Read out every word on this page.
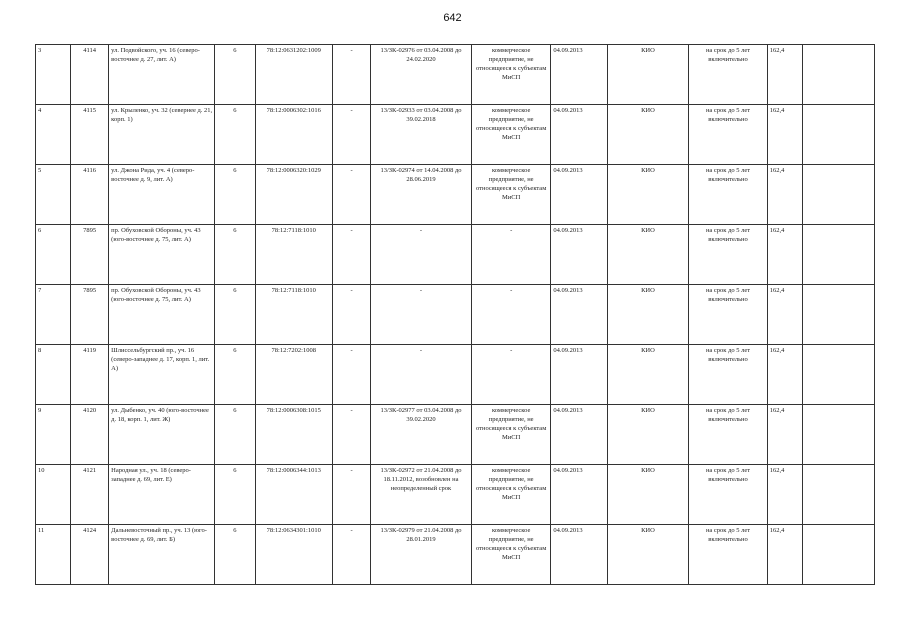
642
3	4114	ул. Подвойского, уч. 16 (северо-восточнее д. 27, лит. А)	6	78:12:0631202:1009	-	13/ЗК-02976 от 03.04.2008 до 24.02.2020	коммерческое предприятие, не относящееся к субъектам МиСП	04.09.2013	КИО	на срок до 5 лет включительно	162,4	
4	4115	ул. Крыленко, уч. 32 (севернее д. 21, корп. 1)	6	78:12:0006302:1016	-	13/ЗК-02933 от 03.04.2008 до 39.02.2018	коммерческое предприятие, не относящееся к субъектам МиСП	04.09.2013	КИО	на срок до 5 лет включительно	162,4	
5	4116	ул. Джона Рида, уч. 4 (северо-восточнее д. 9, лит. А)	6	78:12:0006320:1029	-	13/ЗК-02974 от 14.04.2008 до 28.06.2019	коммерческое предприятие, не относящееся к субъектам МиСП	04.09.2013	КИО	на срок до 5 лет включительно	162,4	
6	7895	пр. Обуховской Обороны, уч. 43 (юго-восточнее д. 75, лит. А)	6	78:12:7118:1010	-	-	-	04.09.2013	КИО	на срок до 5 лет включительно	162,4	
7	7895	пр. Обуховской Обороны, уч. 43 (юго-восточнее д. 75, лит. А)	6	78:12:7118:1010	-	-	-	04.09.2013	КИО	на срок до 5 лет включительно	162,4	
8	4119	Шлиссельбургский пр., уч. 16 (северо-западнее д. 17, корп. 1, лит. А)	6	78:12:7202:1008	-	-	-	04.09.2013	КИО	на срок до 5 лет включительно	162,4	
9	4120	ул. Дыбенко, уч. 40 (юго-восточнее д. 18, корп. 1, лит. Ж)	6	78:12:0006308:1015	-	13/ЗК-02977 от 03.04.2008 до 39.02.2020	коммерческое предприятие, не относящееся к субъектам МиСП	04.09.2013	КИО	на срок до 5 лет включительно	162,4	
10	4121	Народная ул., уч. 18 (северо-западнее д. 69, лит. Е)	6	78:12:0006344:1013	-	13/ЗК-02972 от 21.04.2008 до 18.11.2012, возобновлен на неопределенный срок	коммерческое предприятие, не относящееся к субъектам МиСП	04.09.2013	КИО	на срок до 5 лет включительно	162,4	
11	4124	Дальневосточный пр., уч. 13 (юго-восточнее д. 69, лит. Б)	6	78:12:0634301:1010	-	13/ЗК-02979 от 21.04.2008 до 28.01.2019	коммерческое предприятие, не относящееся к субъектам МиСП	04.09.2013	КИО	на срок до 5 лет включительно	162,4	
